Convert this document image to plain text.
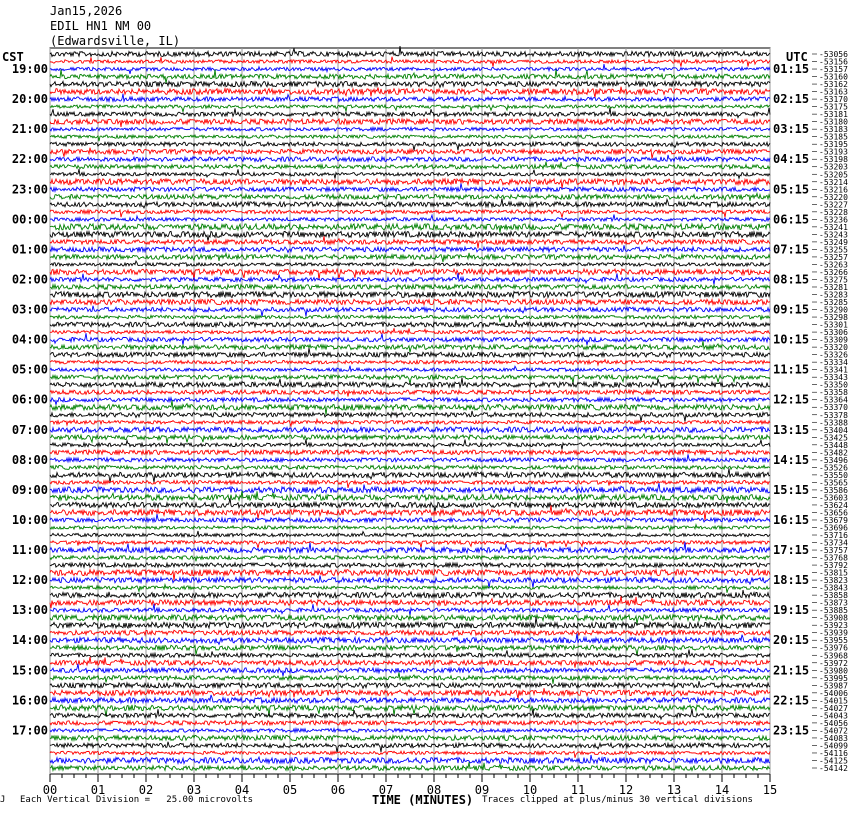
Jan15,2026
EDIL HN1 NM 00
(Edwardsville, IL)
CST	UTC -53056
-53156
-53157
-53160
-53162
-53163
-53170
-53175
-53181
-53180
-53183
-53185
-53195
-53193
-53198
-53203
-53205
-53214
-53216
-53220
-53227
-53228
-53236
-53241
-53243
-53249
-53255
-53257
-53263
-53266
-53275
-53281
-53283
-53285
-53290
-53298
-53301
-53306
-53309
-53320
-53326
-53334
-53341
-53343
-53350
-53358
-53364
-53370
-53378
-53388
-53404
-53425
-53448
-53482
-53496
-53526
-53550
-53565
-53586
-53603
-53624
-53656
-53679
-53696
-53716
-53734
-53757
-53768
-53792
-53815
-53823
-53843
-53858
-53873
-53885
-53908
-53923
-53939
-53955
-53976
-53968
-53972
-53980
-53995
-53987
-54006
-54015
-54027
-54043
-54056
-54072
-54083
-54099
-54116
-54125
-54142
19:00
20:00
21:00
22:00
23:00
00:00
01:00
02:00
03:00
04:00
05:00
06:00
07:00
08:00
09:00
10:00
11:00
12:00
13:00
14:00
15:00
16:00
17:00
01:15
02:15
03:15
04:15
05:15
06:15
07:15
08:15
09:15
10:15
11:15
12:15
13:15
14:15
15:15
16:15
17:15
18:15
19:15
20:15
21:15
22:15
23:15
00	01	02	03	04	05	06	07	08	09	10	11	12	13	14	15
J Each Vertical Division =   25.00 microvolts	TIME (MINUTES) Traces clipped at plus/minus 30 vertical divisions
